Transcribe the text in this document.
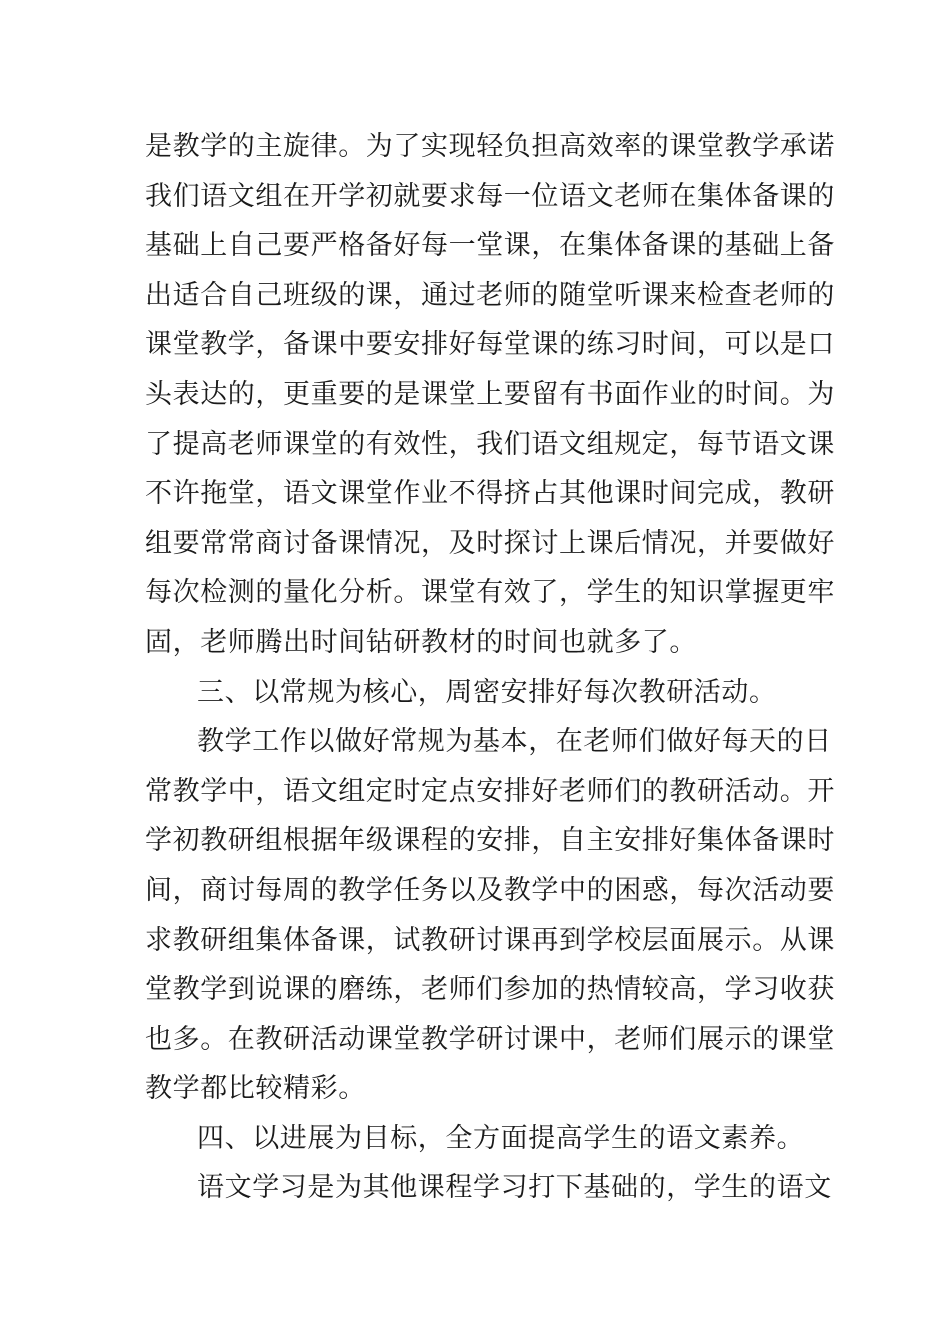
是教学的主旋律。为了实现轻负担高效率的课堂教学承诺
我们语文组在开学初就要求每一位语文老师在集体备课的
基础上自己要严格备好每一堂课，在集体备课的基础上备
出适合自己班级的课，通过老师的随堂听课来检查老师的
课堂教学，备课中要安排好每堂课的练习时间，可以是口
头表达的，更重要的是课堂上要留有书面作业的时间。为
了提高老师课堂的有效性，我们语文组规定，每节语文课
不许拖堂，语文课堂作业不得挤占其他课时间完成，教研
组要常常商讨备课情况，及时探讨上课后情况，并要做好
每次检测的量化分析。课堂有效了，学生的知识掌握更牢
固，老师腾出时间钻研教材的时间也就多了。
三、以常规为核心，周密安排好每次教研活动。
教学工作以做好常规为基本，在老师们做好每天的日
常教学中，语文组定时定点安排好老师们的教研活动。开
学初教研组根据年级课程的安排，自主安排好集体备课时
间，商讨每周的教学任务以及教学中的困惑，每次活动要
求教研组集体备课，试教研讨课再到学校层面展示。从课
堂教学到说课的磨练，老师们参加的热情较高，学习收获
也多。在教研活动课堂教学研讨课中，老师们展示的课堂
教学都比较精彩。
四、以进展为目标，全方面提高学生的语文素养。
语文学习是为其他课程学习打下基础的，学生的语文
